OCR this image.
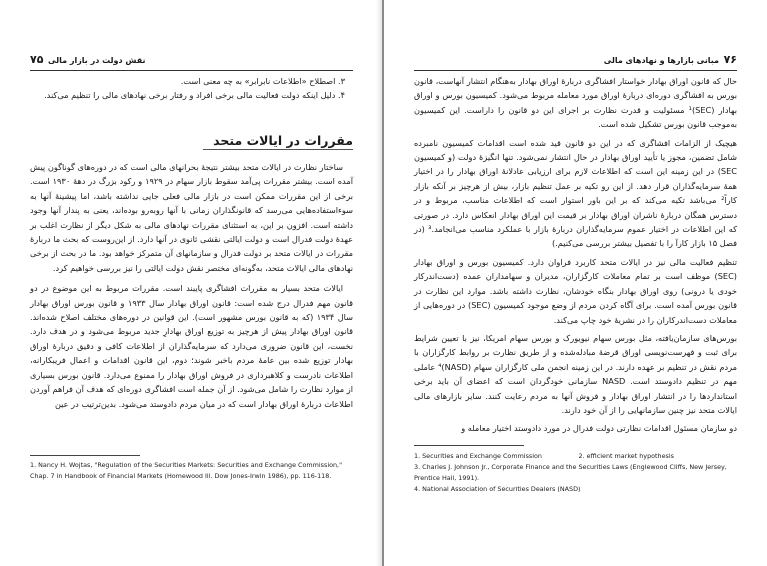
۷۵ نقش دولت در بازار مالی

۳. اصطلاح «اطلاعات نابرابر» به چه معنی است.

۴. دلیل اینکه دولت فعالیت مالی برخی افراد و رفتار برخی نهادهای مالی را تنظیم می‌کند.

مقررات در ایالات متحد

ساختار نظارت در ایالات متحد بیشتر نتیجهٔ بحرانهای مالی است که در دوره‌های گوناگون پیش آمده است. بیشتر مقررات پی‌آمد سقوط بازار سهام در ۱۹۲۹ و رکود بزرگ در دههٔ ۱۹۳۰ است. برخی از این مقررات ممکن است در بازار مالی فعلی جایی نداشته باشد، اما پیشینهٔ آنها به سوءاستفاده‌هایی می‌رسد که قانونگذاران زمانی با آنها روبه‌رو بوده‌اند، یعنی به پندار آنها وجود داشته است. افزون بر این، به استثنای مقررات نهادهای مالی به شکل دیگر از نظارت اغلب بر عهدهٔ دولت فدرال است و دولت ایالتی نقشی ثانوی در آنها دارد. از این‌روست که بحث ما دربارهٔ مقررات در ایالات متحد بر دولت فدرال و سازمانهای آن متمرکز خواهد بود. ما در بحث از برخی نهادهای مالی ایالات متحد، به‌گونه‌ای مختصر نقش دولت ایالتی را نیز بررسی خواهیم کرد.

ایالات متحد بسیار به مقررات افشاگری پایبند است. مقررات مربوط به این موضوع در دو قانون مهم فدرال درج شده است: قانون اوراق بهادار سال ۱۹۳۳ و قانون بورس اوراق بهادار سال ۱۹۳۴ (که به قانون بورس مشهور است). این قوانین در دوره‌های مختلف اصلاح شده‌اند. قانون اوراق بهادار پیش از هرچیز به توزیع اوراق بهادارِ جدید مربوط می‌شود و در هدف دارد. نخست، این قانون ضروری می‌دارد که سرمایه‌گذاران از اطلاعات کافی و دقیق دربارهٔ اوراق بهادار توزیع شده بین عامهٔ مردم باخبر شوند؛ دوم، این قانون اقدامات و اعمال فریبکارانه، اطلاعات نادرست و کلاهبرداری در فروش اوراق بهادار را ممنوع می‌دارد. قانون بورس بسیاری از موارد نظارت را شامل می‌شود. از آن جمله است افشاگری دوره‌ای که هدف آن فراهم آوردن اطلاعات دربارهٔ اوراق بهادار است که در میان مردم دادوستد می‌شود. بدین‌ترتیب در عین

1. Nancy H. Wojtas, "Regulation of the Securities Markets: Securities and Exchange Commission," Chap. 7 in Handbook of Financial Markets (Homewood Ill. Dow Jones-Irwin 1986), pp. 116-118.
۷۶
مبانی بازارها و نهادهای مالی

حال که قانون اوراق بهادار خواستار افشاگری دربارهٔ اوراق بهادار به‌هنگام انتشار آنهاست، قانون بورس به افشاگری دوره‌ای دربارهٔ اوراق مورد معامله مربوط می‌شود. کمیسیون بورس و اوراق بهادار (SEC)¹ مسئولیت و قدرت نظارت بر اجرای این دو قانون را داراست. این کمیسیون به‌موجب قانون بورس تشکیل شده است.

هیچیک از الزامات افشاگری که در این دو قانون قید شده است اقدامات کمیسیون نامبرده شامل تضمین، مجوز یا تأیید اوراق بهادار در حال انتشار نمی‌شود. تنها انگیزهٔ دولت (و کمیسیون SEC) در این زمینه این است که اطلاعات لازم برای ارزیابی عادلانهٔ اوراق بهادار را در اختیار همهٔ سرمایه‌گذاران قرار دهد. از این رو تکیه بر عمل تنظیم بازار، بیش از هرچیز بر آنکه بازار کاراً² می‌باشد تکیه می‌کند که بر این باور استوار است که اطلاعات مناسب، مربوط و در دسترس همگان دربارهٔ ناشران اوراق بهادار بر قیمت این اوراق بهادار انعکاس دارد. در صورتی که این اطلاعات در اختیار عموم سرمایه‌گذاران دربارهٔ بازار با عملکرد مناسب می‌انجامد.³ (در فصل ۱۵ بازار کارآ را با تفصیل بیشتر بررسی می‌کنیم.)

تنظیم فعالیت مالی نیز در ایالات متحد کاربرد فراوان دارد. کمیسیون بورس و اوراق بهادار (SEC) موظف است بر تمام معاملات کارگزاران، مدیران و سهامداران عمده (دست‌اندرکار خودی یا درونی) روی اوراق بهادار بنگاه خودشان، نظارت داشته باشد. موارد این نظارت در قانون بورس آمده است. برای آگاه کردن مردم از وضع موجود کمیسیون (SEC) در دوره‌هایی از معاملات دست‌اندرکاران را در نشریهٔ خود چاپ می‌کند.

بورس‌های سازمان‌یافته، مثل بورس سهام نیویورک و بورس سهام امریکا، نیز با تعیین شرایط برای ثبت و فهرست‌نویسی اوراق قرضهٔ مبادله‌شده و از طریق نظارت بر روابط کارگزاران با مردم نقش در تنظیم بر عهده دارند. در این زمینه انجمن ملی کارگزاران سهام (NASD)⁴ عاملی مهم در تنظیم دادوستد است. NASD سازمانی خودگردان است که اعضای آن باید برخی استانداردها را در انتشار اوراق بهادار و فروش آنها به مردم رعایت کنند. سایر بازارهای مالی ایالات متحد نیز چنین سازمانهایی را از آن خود دارند.

دو سازمان مسئول اقدامات نظارتی دولت فدرال در مورد دادوستد اختیار معامله و

1. Securities and Exchange Commission	2. efficient market hypothesis
3. Charles J. Johnson Jr., Corporate Finance and the Securities Laws (Englewood Cliffs, New Jersey, Prentice Hall, 1991).
4. National Association of Securities Dealers (NASD)
